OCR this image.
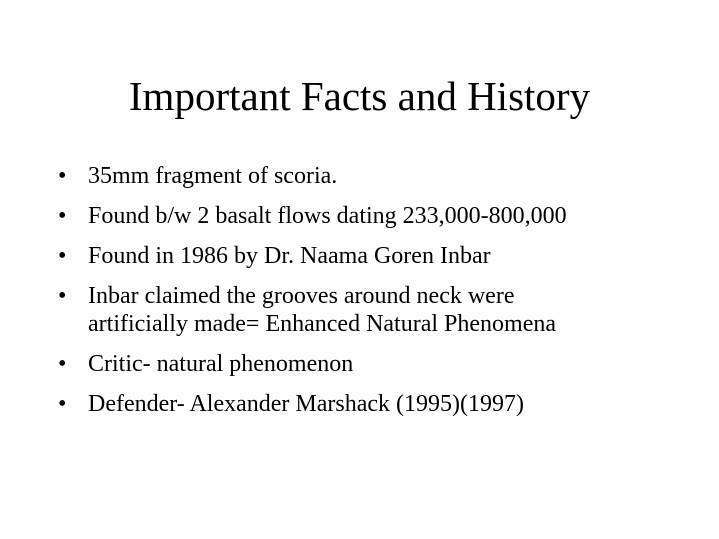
Important Facts and History
• 35mm fragment of scoria.
• Found b/w 2 basalt flows dating 233,000-800,000
• Found in 1986 by Dr. Naama Goren Inbar
• Inbar claimed the grooves around neck were
artificially made= Enhanced Natural Phenomena
• Critic- natural phenomenon
• Defender- Alexander Marshack (1995)(1997)
